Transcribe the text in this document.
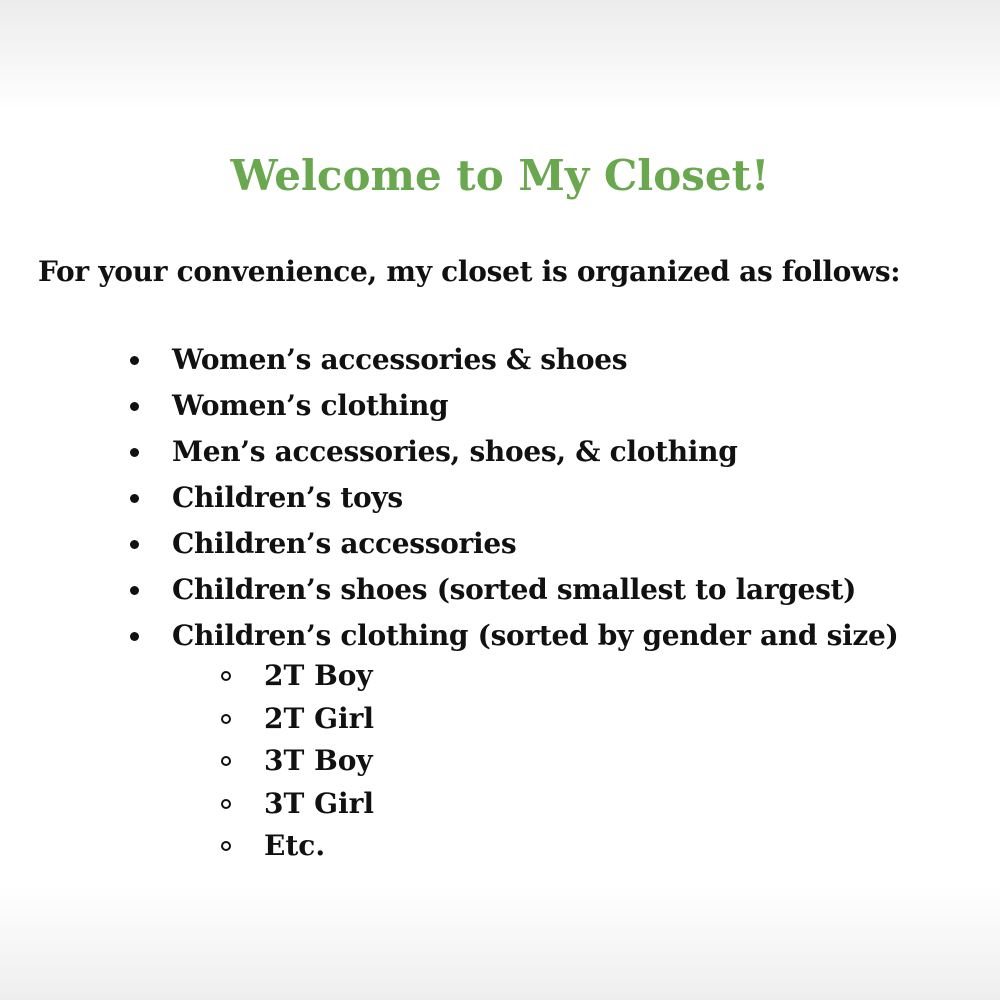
Welcome to My Closet!

For your convenience, my closet is organized as follows:

Women’s accessories & shoes
Women’s clothing
Men’s accessories, shoes, & clothing
Children’s toys
Children’s accessories
Children’s shoes (sorted smallest to largest)
Children’s clothing (sorted by gender and size)
2T Boy
2T Girl
3T Boy
3T Girl
Etc.
